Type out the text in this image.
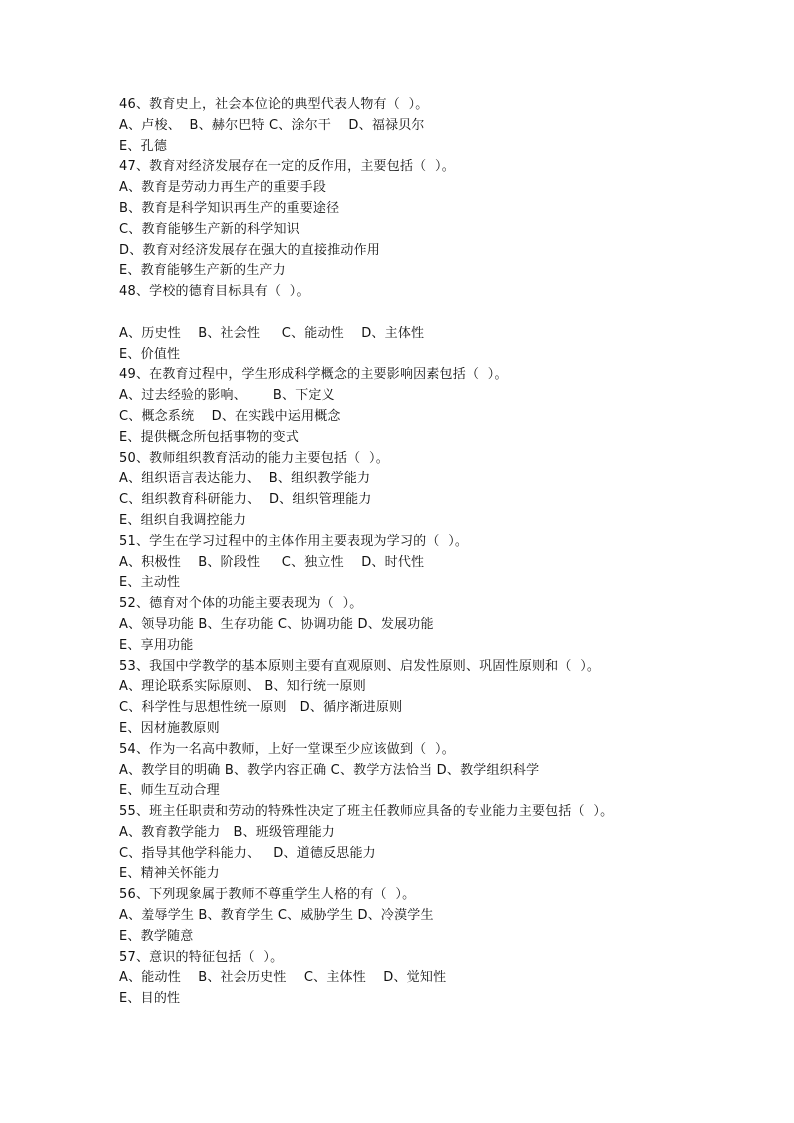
46、教育史上，社会本位论的典型代表人物有（  ）。
A、卢梭、  B、赫尔巴特 C、涂尔干    D、福禄贝尔
E、孔德
47、教育对经济发展存在一定的反作用，主要包括（  ）。
A、教育是劳动力再生产的重要手段
B、教育是科学知识再生产的重要途径
C、教育能够生产新的科学知识
D、教育对经济发展存在强大的直接推动作用
E、教育能够生产新的生产力
48、学校的德育目标具有（  ）。
A、历史性    B、社会性     C、能动性    D、主体性
E、价值性
49、在教育过程中，学生形成科学概念的主要影响因素包括（  ）。
A、过去经验的影响、      B、下定义
C、概念系统    D、在实践中运用概念
E、提供概念所包括事物的变式
50、教师组织教育活动的能力主要包括（  ）。
A、组织语言表达能力、  B、组织教学能力
C、组织教育科研能力、  D、组织管理能力
E、组织自我调控能力
51、学生在学习过程中的主体作用主要表现为学习的（  ）。
A、积极性    B、阶段性     C、独立性    D、时代性
E、主动性
52、德育对个体的功能主要表现为（  ）。
A、领导功能 B、生存功能 C、协调功能 D、发展功能
E、享用功能
53、我国中学教学的基本原则主要有直观原则、启发性原则、巩固性原则和（  ）。
A、理论联系实际原则、 B、知行统一原则
C、科学性与思想性统一原则   D、循序渐进原则
E、因材施教原则
54、作为一名高中教师，上好一堂课至少应该做到（  ）。
A、教学目的明确 B、教学内容正确 C、教学方法恰当 D、教学组织科学
E、师生互动合理
55、班主任职责和劳动的特殊性决定了班主任教师应具备的专业能力主要包括（  ）。
A、教育教学能力   B、班级管理能力
C、指导其他学科能力、   D、道德反思能力
E、精神关怀能力
56、下列现象属于教师不尊重学生人格的有（  ）。
A、羞辱学生 B、教育学生 C、威胁学生 D、冷漠学生
E、教学随意
57、意识的特征包括（  ）。
A、能动性    B、社会历史性    C、主体性    D、觉知性
E、目的性
